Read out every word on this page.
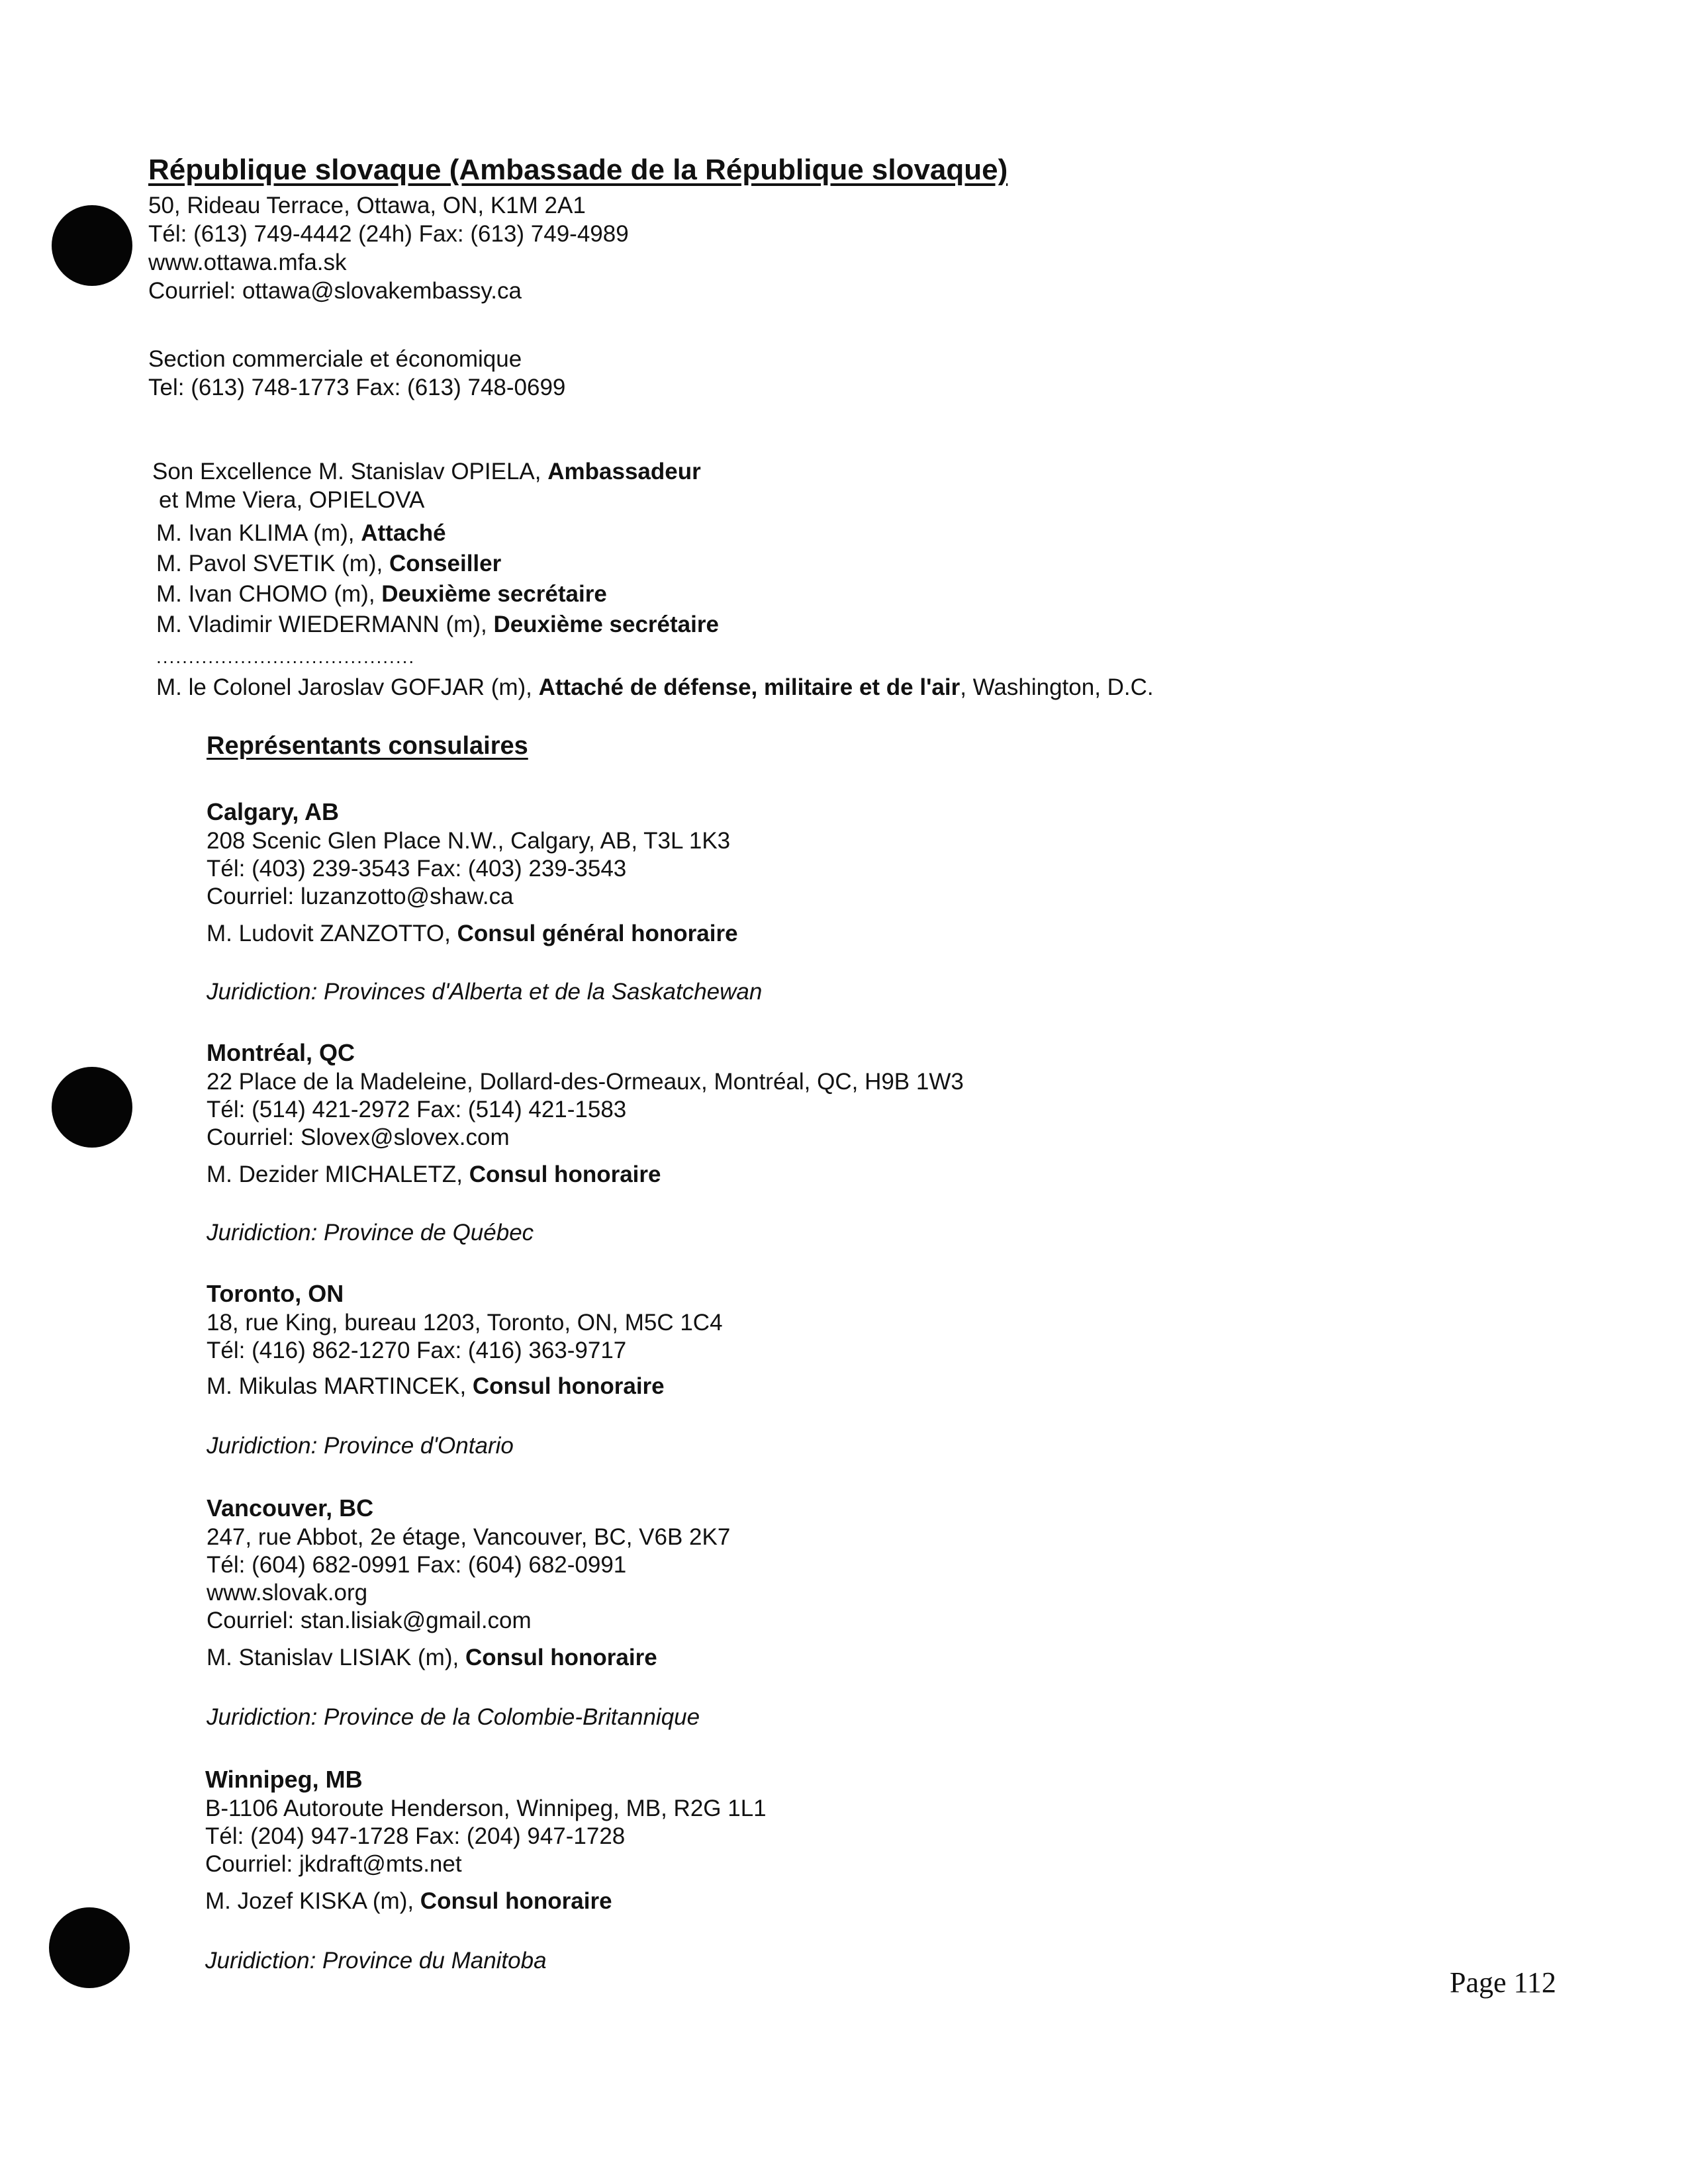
République slovaque (Ambassade de la République slovaque)
50, Rideau Terrace, Ottawa, ON, K1M 2A1
Tél: (613) 749-4442 (24h) Fax: (613) 749-4989
www.ottawa.mfa.sk
Courriel: ottawa@slovakembassy.ca
Section commerciale et économique
Tel: (613) 748-1773 Fax: (613) 748-0699
Son Excellence M. Stanislav OPIELA, Ambassadeur
et Mme Viera, OPIELOVA
M. Ivan KLIMA (m), Attaché
M. Pavol SVETIK (m), Conseiller
M. Ivan CHOMO (m), Deuxième secrétaire
M. Vladimir WIEDERMANN (m), Deuxième secrétaire
........................................
M. le Colonel Jaroslav GOFJAR (m), Attaché de défense, militaire et de l'air, Washington, D.C.
Représentants consulaires
Calgary, AB
208 Scenic Glen Place N.W., Calgary, AB, T3L 1K3
Tél: (403) 239-3543 Fax: (403) 239-3543
Courriel: luzanzotto@shaw.ca
M. Ludovit ZANZOTTO, Consul général honoraire
Juridiction: Provinces d'Alberta et de la Saskatchewan
Montréal, QC
22 Place de la Madeleine, Dollard-des-Ormeaux, Montréal, QC, H9B 1W3
Tél: (514) 421-2972 Fax: (514) 421-1583
Courriel: Slovex@slovex.com
M. Dezider MICHALETZ, Consul honoraire
Juridiction: Province de Québec
Toronto, ON
18, rue King, bureau 1203, Toronto, ON, M5C 1C4
Tél: (416) 862-1270 Fax: (416) 363-9717
M. Mikulas MARTINCEK, Consul honoraire
Juridiction: Province d'Ontario
Vancouver, BC
247, rue Abbot, 2e étage, Vancouver, BC, V6B 2K7
Tél: (604) 682-0991 Fax: (604) 682-0991
www.slovak.org
Courriel: stan.lisiak@gmail.com
M. Stanislav LISIAK (m), Consul honoraire
Juridiction: Province de la Colombie-Britannique
Winnipeg, MB
B-1106 Autoroute Henderson, Winnipeg, MB, R2G 1L1
Tél: (204) 947-1728 Fax: (204) 947-1728
Courriel: jkdraft@mts.net
M. Jozef KISKA (m), Consul honoraire
Juridiction: Province du Manitoba
Page 112
